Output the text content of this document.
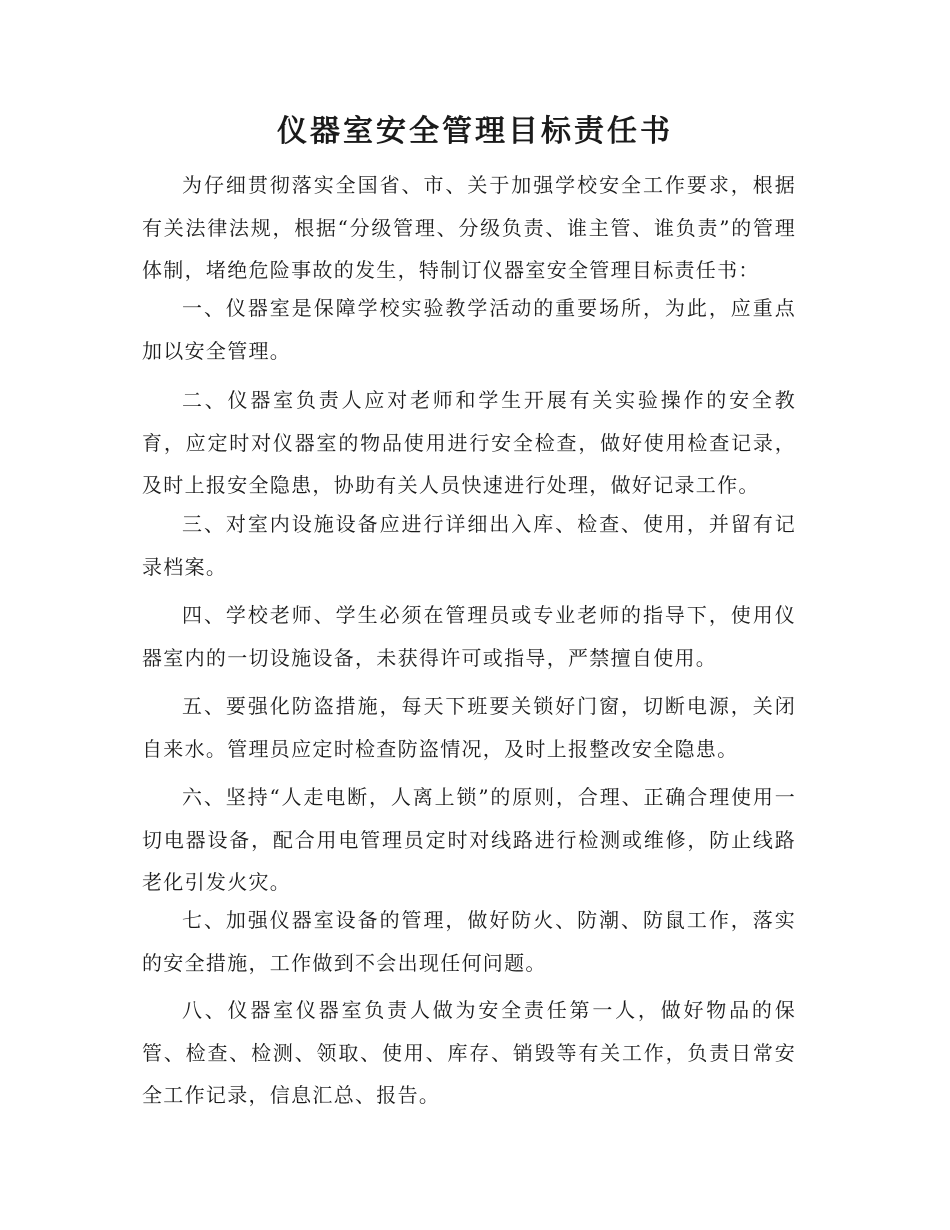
仪器室安全管理目标责任书

为仔细贯彻落实全国省、市、关于加强学校安全工作要求，根据有关法律法规，根据“分级管理、分级负责、谁主管、谁负责”的管理体制，堵绝危险事故的发生，特制订仪器室安全管理目标责任书：

一、仪器室是保障学校实验教学活动的重要场所，为此，应重点加以安全管理。

二、仪器室负责人应对老师和学生开展有关实验操作的安全教育，应定时对仪器室的物品使用进行安全检查，做好使用检查记录，及时上报安全隐患，协助有关人员快速进行处理，做好记录工作。

三、对室内设施设备应进行详细出入库、检查、使用，并留有记录档案。

四、学校老师、学生必须在管理员或专业老师的指导下，使用仪器室内的一切设施设备，未获得许可或指导，严禁擅自使用。

五、要强化防盗措施，每天下班要关锁好门窗，切断电源，关闭自来水。管理员应定时检查防盗情况，及时上报整改安全隐患。

六、坚持“人走电断，人离上锁”的原则，合理、正确合理使用一切电器设备，配合用电管理员定时对线路进行检测或维修，防止线路老化引发火灾。

七、加强仪器室设备的管理，做好防火、防潮、防鼠工作，落实的安全措施，工作做到不会出现任何问题。

八、仪器室仪器室负责人做为安全责任第一人，做好物品的保管、检查、检测、领取、使用、库存、销毁等有关工作，负责日常安全工作记录，信息汇总、报告。
